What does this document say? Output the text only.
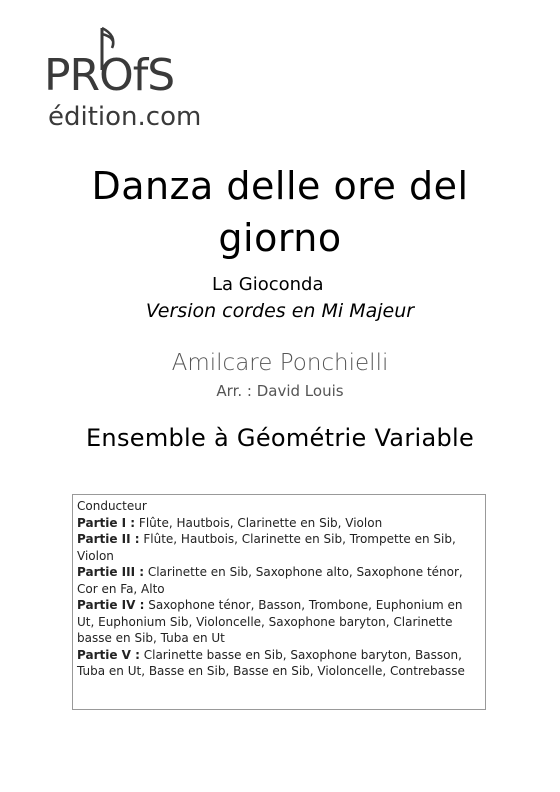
PROfS
édition.com
Danza delle ore del
giorno
La Gioconda
Version cordes en Mi Majeur
Amilcare Ponchielli
Arr. : David Louis
Ensemble à Géométrie Variable
Conducteur
Partie I : Flûte, Hautbois, Clarinette en Sib, Violon
Partie II : Flûte, Hautbois, Clarinette en Sib, Trompette en Sib, Violon
Partie III : Clarinette en Sib, Saxophone alto, Saxophone ténor, Cor en Fa, Alto
Partie IV : Saxophone ténor, Basson, Trombone, Euphonium en Ut, Euphonium Sib, Violoncelle, Saxophone baryton, Clarinette basse en Sib, Tuba en Ut
Partie V : Clarinette basse en Sib, Saxophone baryton, Basson, Tuba en Ut, Basse en Sib, Basse en Sib, Violoncelle, Contrebasse
